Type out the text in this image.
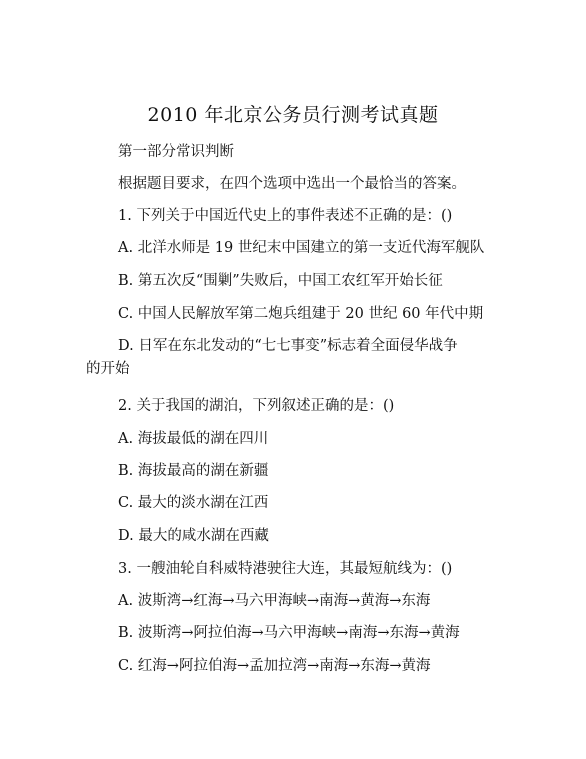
2010 年北京公务员行测考试真题
第一部分常识判断
根据题目要求，在四个选项中选出一个最恰当的答案。
1. 下列关于中国近代史上的事件表述不正确的是：()
A. 北洋水师是 19 世纪末中国建立的第一支近代海军舰队
B. 第五次反“围剿”失败后，中国工农红军开始长征
C. 中国人民解放军第二炮兵组建于 20 世纪 60 年代中期
D. 日军在东北发动的“七七事变”标志着全面侵华战争
的开始
2. 关于我国的湖泊，下列叙述正确的是：()
A. 海拔最低的湖在四川
B. 海拔最高的湖在新疆
C. 最大的淡水湖在江西
D. 最大的咸水湖在西藏
3. 一艘油轮自科威特港驶往大连，其最短航线为：()
A. 波斯湾→红海→马六甲海峡→南海→黄海→东海
B. 波斯湾→阿拉伯海→马六甲海峡→南海→东海→黄海
C. 红海→阿拉伯海→孟加拉湾→南海→东海→黄海
